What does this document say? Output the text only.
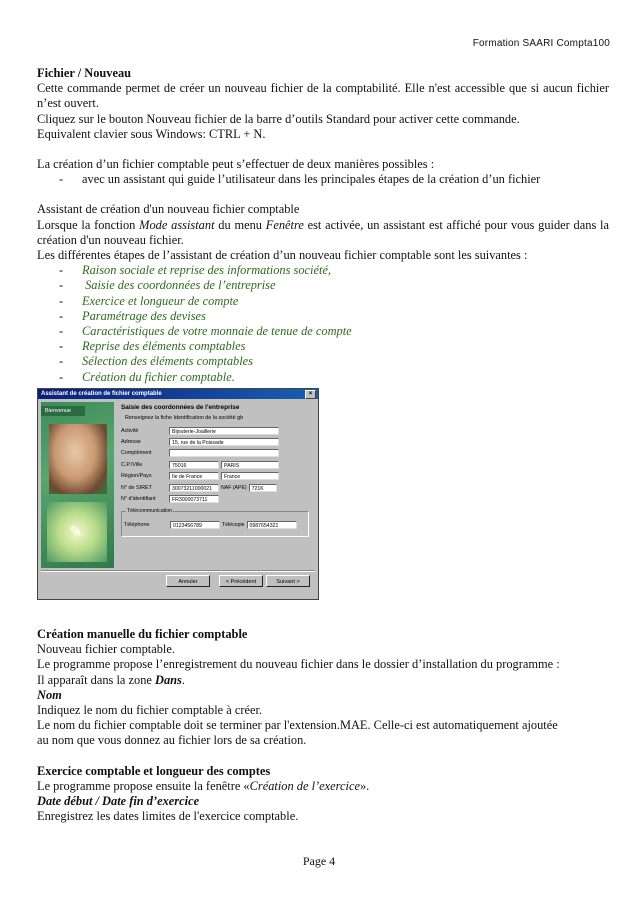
Formation SAARI Compta100

Fichier / Nouveau

Cette commande permet de créer un nouveau fichier de la comptabilité. Elle n'est accessible que si aucun fichier n’est ouvert.

Cliquez sur le bouton Nouveau fichier de la barre d’outils Standard pour activer cette commande.

Equivalent clavier sous Windows: CTRL + N.

La création d’un fichier comptable peut s’effectuer de deux manières possibles :

- avec un assistant qui guide l’utilisateur dans les principales étapes de la création d’un fichier

Assistant de création d'un nouveau fichier comptable

Lorsque la fonction Mode assistant du menu Fenêtre est activée, un assistant est affiché pour vous guider dans la création d'un nouveau fichier.

Les différentes étapes de l’assistant de création d’un nouveau fichier comptable sont les suivantes :

- Raison sociale et reprise des informations société,
-  Saisie des coordonnées de l’entreprise
- Exercice et longueur de compte
- Paramétrage des devises
- Caractéristiques de votre monnaie de tenue de compte
- Reprise des éléments comptables
- Sélection des éléments comptables
- Création du fichier comptable.
Assistant de création de fichier comptable	×
Bienvenue
✎
Saisie des coordonnées de l'entreprise
Renseignez la fiche Identification de la société gb
Activité	Bijouterie-Joaillerie
Adresse	15, rue de la Poissade
Complément
C.P./Ville	75016	PARIS
Région/Pays	Ile de France	France
N° de SIRET	30073211000021	NAF (APE) 721K
N° d'identifiant	FR3000073711
Télécommunication
Téléphone	0123456789	Télécopie 0987654321
Annuler	< Précédent	Suivant >

Création manuelle du fichier comptable

Nouveau fichier comptable.

Le programme propose l’enregistrement du nouveau fichier dans le dossier d’installation du programme :

Il apparaît dans la zone Dans.

Nom

Indiquez le nom du fichier comptable à créer.

Le nom du fichier comptable doit se terminer par l'extension.MAE. Celle-ci est automatiquement ajoutée

au nom que vous donnez au fichier lors de sa création.

Exercice comptable et longueur des comptes

Le programme propose ensuite la fenêtre «Création de l’exercice».

Date début / Date fin d’exercice

Enregistrez les dates limites de l'exercice comptable.

Page 4
